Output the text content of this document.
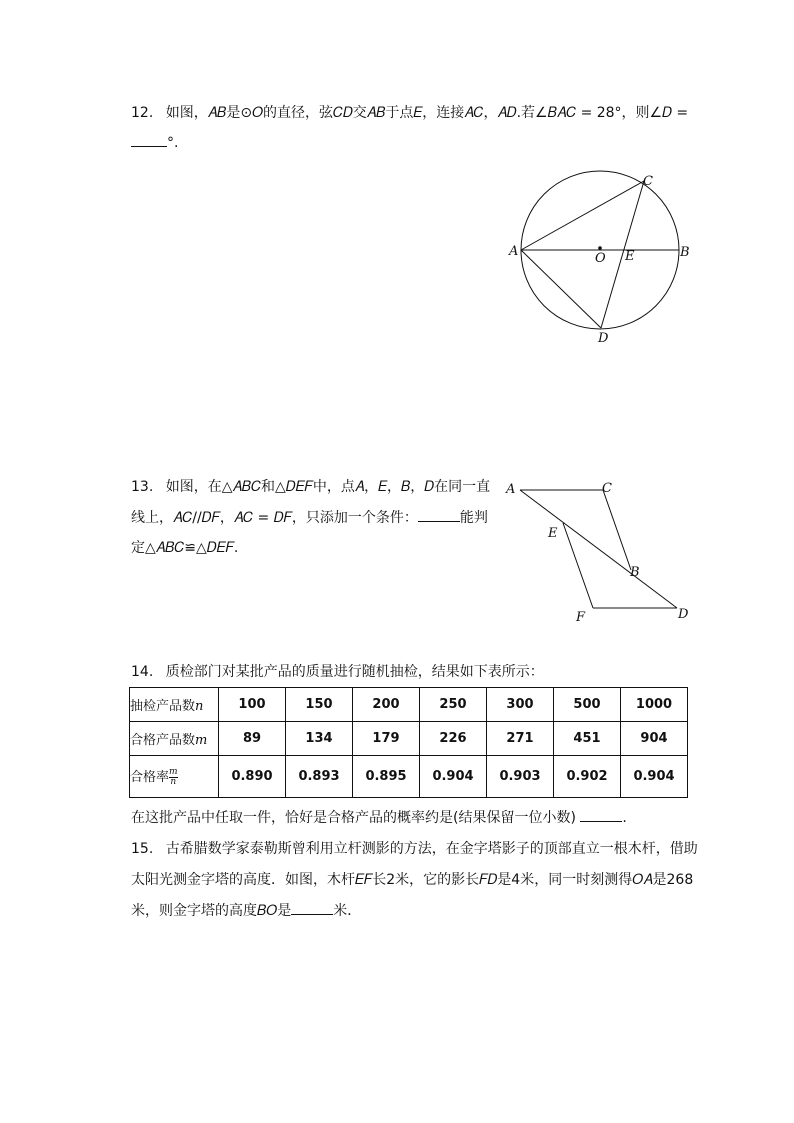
12. 如图，𝐴𝐵是⊙𝑂的直径，弦𝐶𝐷交𝐴𝐵于点𝐸，连接𝐴𝐶，𝐴𝐷.若∠𝐵𝐴𝐶 = 28°，则∠𝐷 =
°.
A	B
C
D
O E
13. 如图，在△𝐴𝐵𝐶和△𝐷𝐸𝐹中，点𝐴，𝐸，𝐵，𝐷在同一直
线上，𝐴𝐶//𝐷𝐹，𝐴𝐶 = 𝐷𝐹，只添加一个条件：	能判
定△𝐴𝐵𝐶≌△𝐷𝐸𝐹.
A	C
E
B
F	D
14. 质检部门对某批产品的质量进行随机抽检，结果如下表所示：
抽检产品数n	100	150	200	250	300	500	1000
合格产品数m	89	134	179	226	271	451	904
合格率 $\frac{m}{n}$	0.890	0.893	0.895	0.904	0.903	0.902	0.904
在这批产品中任取一件，恰好是合格产品的概率约是(结果保留一位小数)	.
15. 古希腊数学家泰勒斯曾利用立杆测影的方法，在金字塔影子的顶部直立一根木杆，借助
太阳光测金字塔的高度．如图，木杆𝐸𝐹长2米，它的影长𝐹𝐷是4米，同一时刻测得𝑂𝐴是268
米，则金字塔的高度𝐵𝑂是	米．
